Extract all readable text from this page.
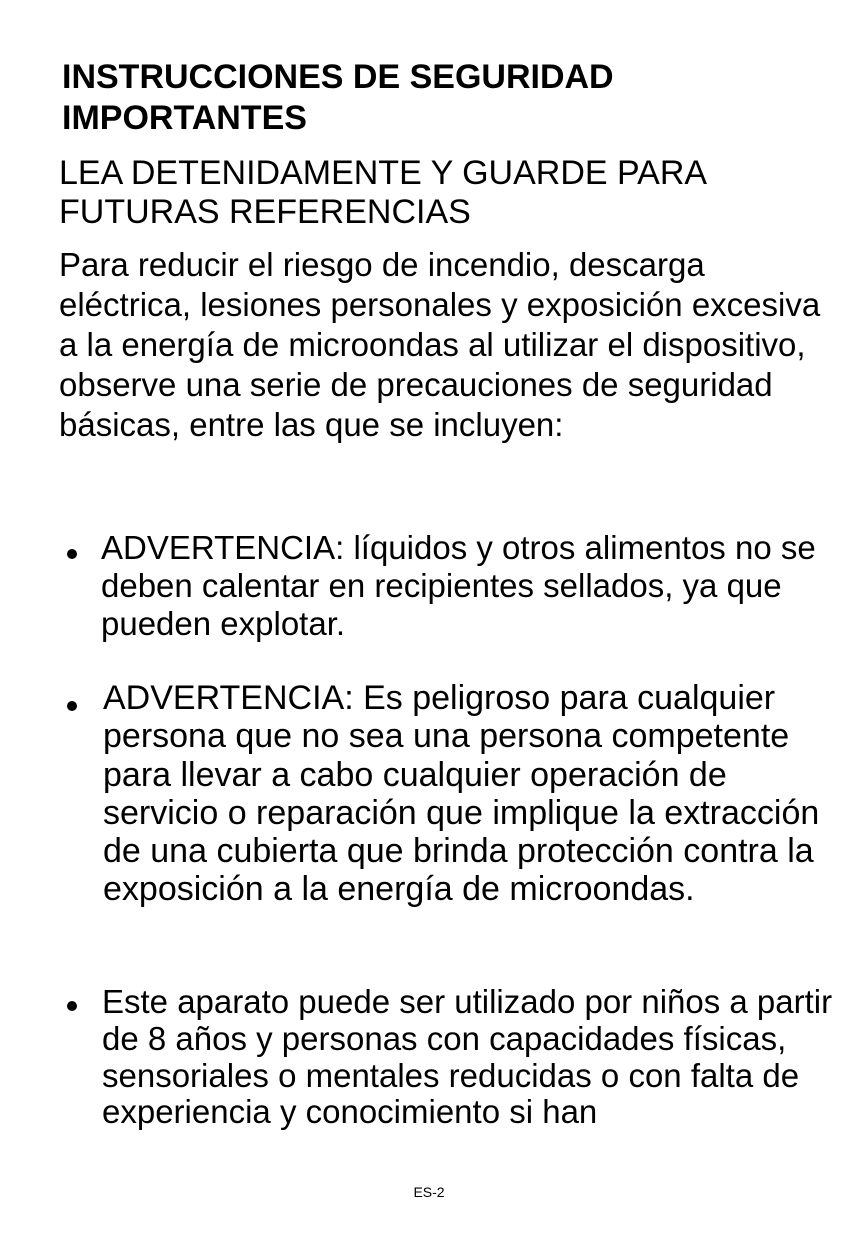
INSTRUCCIONES DE SEGURIDAD IMPORTANTES
LEA DETENIDAMENTE Y GUARDE PARA FUTURAS REFERENCIAS

Para reducir el riesgo de incendio, descarga eléctrica, lesiones personales y exposición excesiva a la energía de microondas al utilizar el dispositivo, observe una serie de precauciones de seguridad básicas, entre las que se incluyen:

ADVERTENCIA: líquidos y otros alimentos no se deben calentar en recipientes sellados, ya que pueden explotar.

ADVERTENCIA: Es peligroso para cualquier persona que no sea una persona competente para llevar a cabo cualquier operación de servicio o reparación que implique la extracción de una cubierta que brinda protección contra la exposición a la energía de microondas.

Este aparato puede ser utilizado por niños a partir de 8 años y personas con capacidades físicas, sensoriales o mentales reducidas o con falta de experiencia y conocimiento si han

ES-2
